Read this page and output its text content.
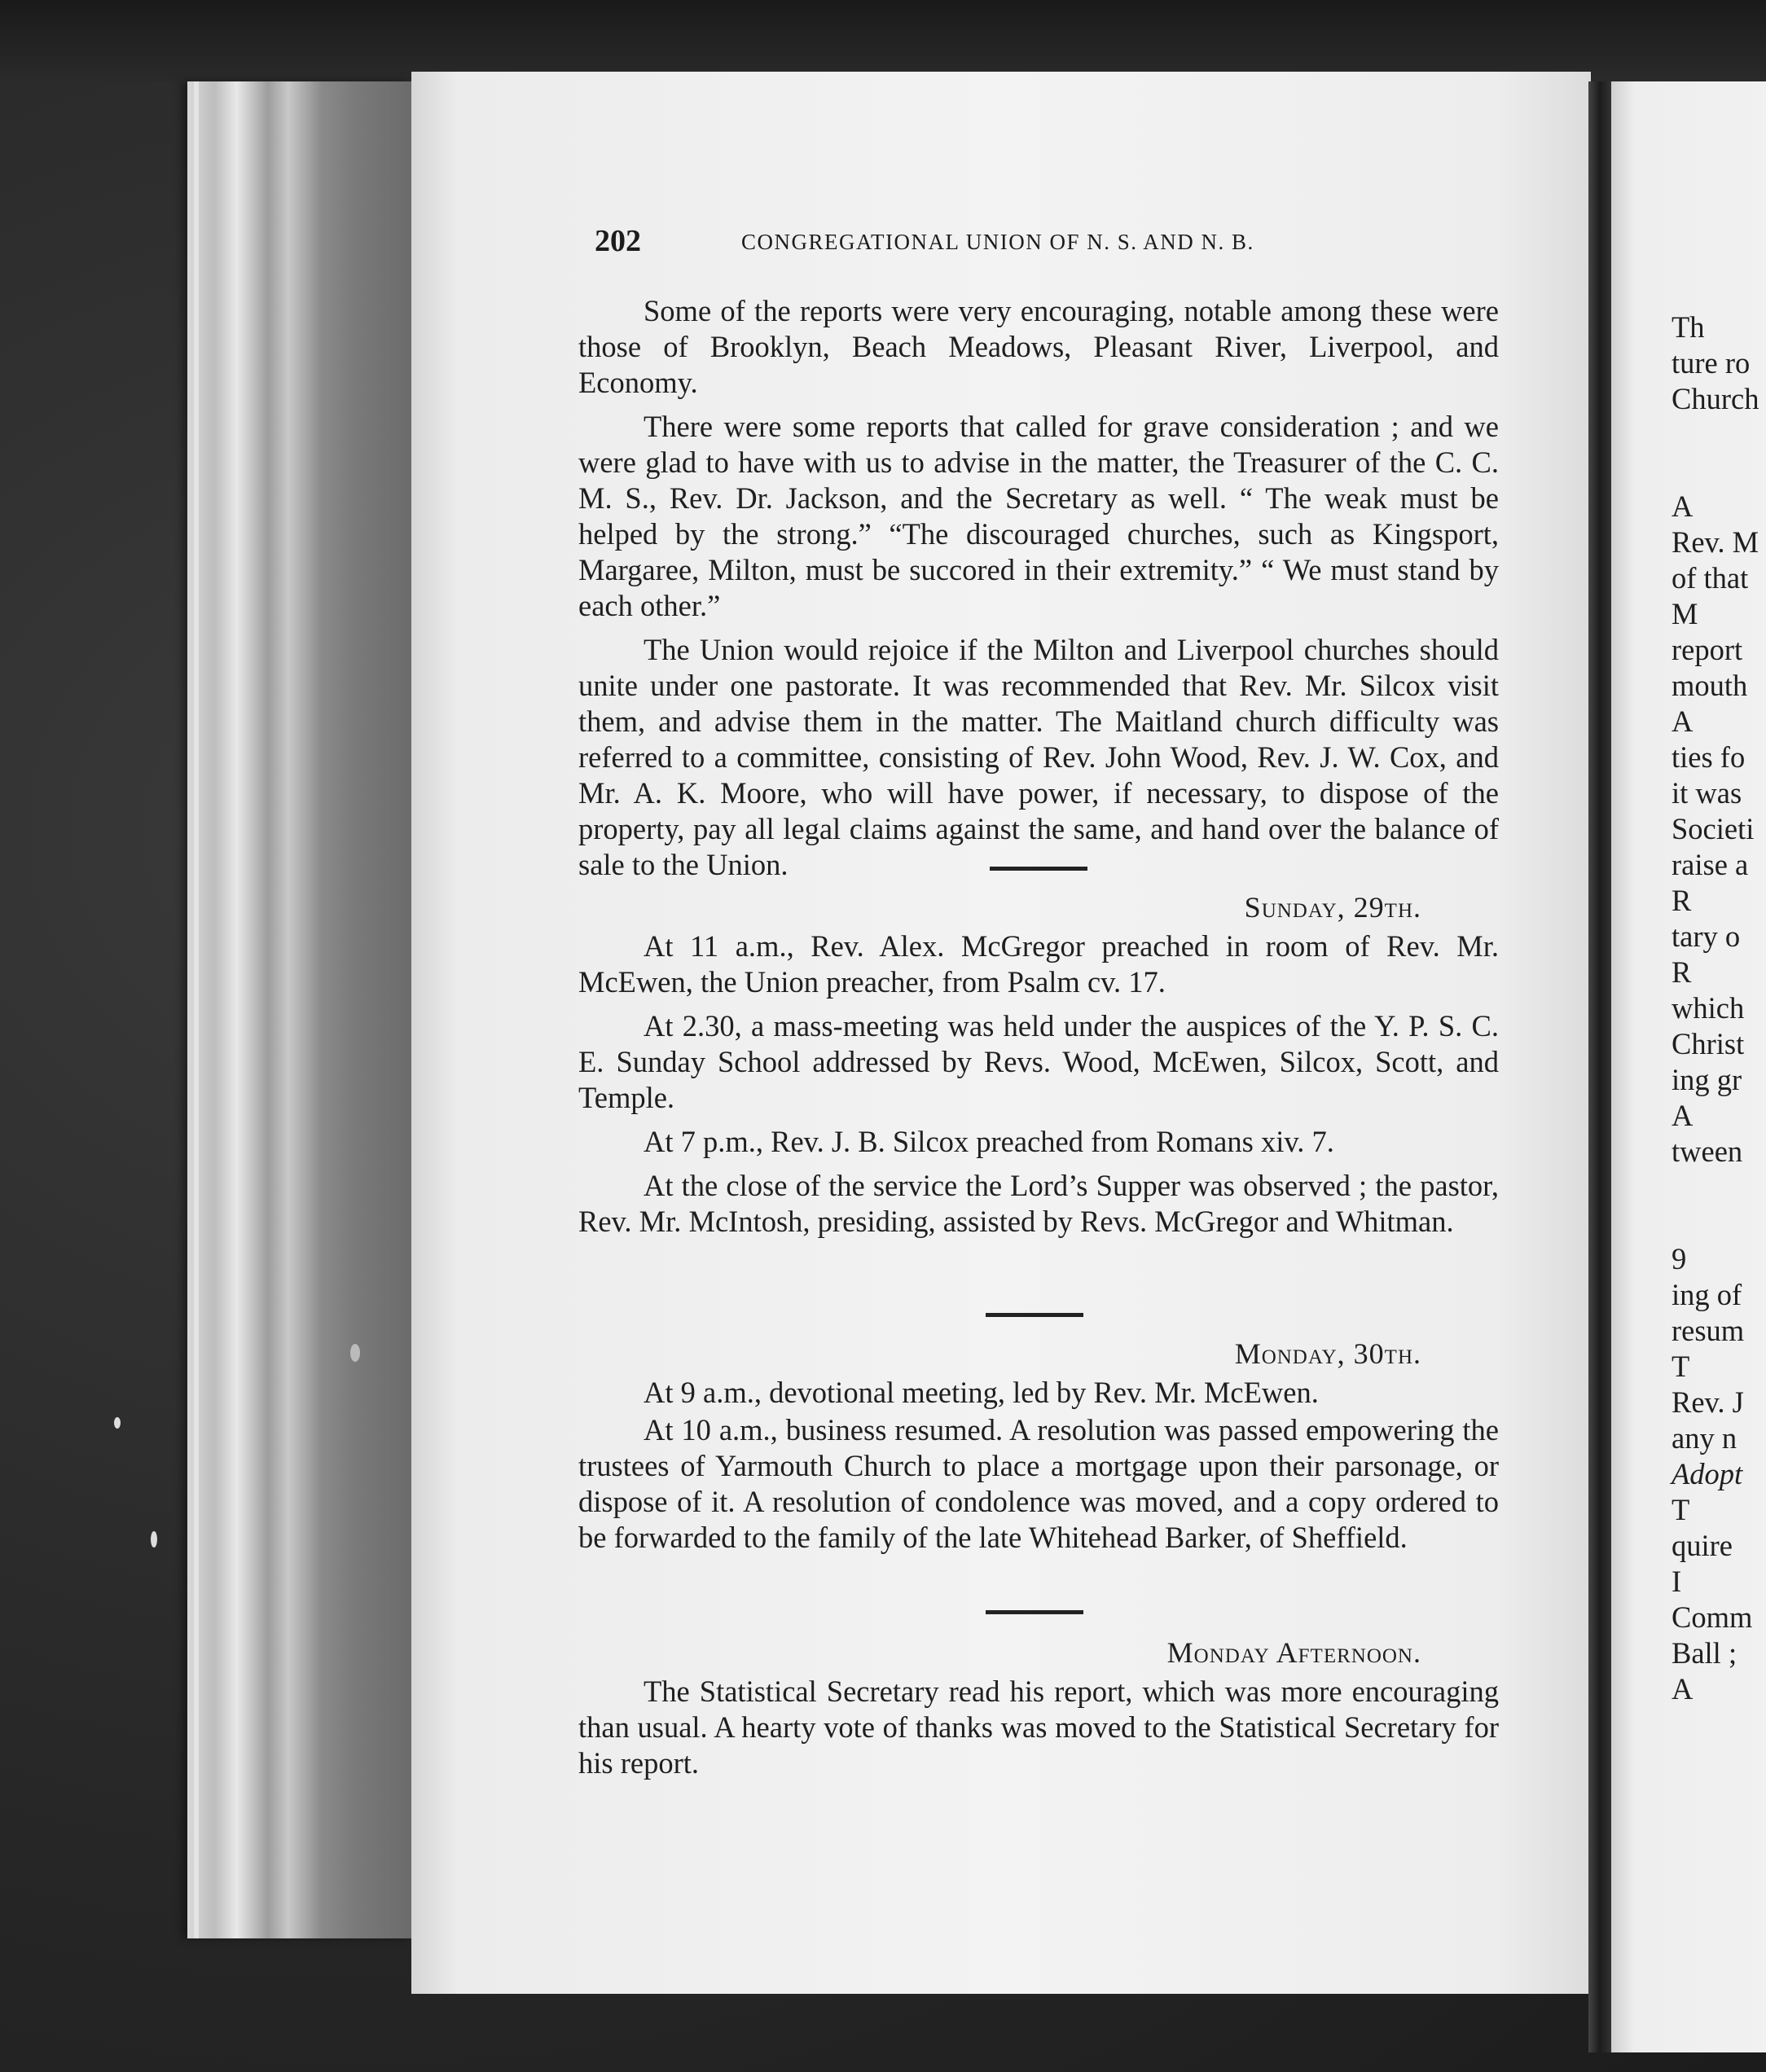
202	CONGREGATIONAL UNION OF N. S. AND N. B.

Some of the reports were very encouraging, notable among these were those of Brooklyn, Beach Meadows, Pleasant River, Liverpool, and Economy.

There were some reports that called for grave consideration ; and we were glad to have with us to advise in the matter, the Treasurer of the C. C. M. S., Rev. Dr. Jackson, and the Secretary as well. “ The weak must be helped by the strong.” “The discouraged churches, such as Kingsport, Margaree, Milton, must be succored in their extremity.” “ We must stand by each other.”

The Union would rejoice if the Milton and Liverpool churches should unite under one pastorate. It was recommended that Rev. Mr. Silcox visit them, and advise them in the matter. The Maitland church difficulty was referred to a committee, consisting of Rev. John Wood, Rev. J. W. Cox, and Mr. A. K. Moore, who will have power, if necessary, to dispose of the property, pay all legal claims against the same, and hand over the balance of sale to the Union.

Sunday, 29th.

At 11 a.m., Rev. Alex. McGregor preached in room of Rev. Mr. McEwen, the Union preacher, from Psalm cv. 17.

At 2.30, a mass-meeting was held under the auspices of the Y. P. S. C. E. Sunday School addressed by Revs. Wood, McEwen, Silcox, Scott, and Temple.

At 7 p.m., Rev. J. B. Silcox preached from Romans xiv. 7.

At the close of the service the Lord’s Supper was observed ; the pastor, Rev. Mr. McIntosh, presiding, assisted by Revs. McGregor and Whitman.

Monday, 30th.

At 9 a.m., devotional meeting, led by Rev. Mr. McEwen.

At 10 a.m., business resumed. A resolution was passed empowering the trustees of Yarmouth Church to place a mortgage upon their parsonage, or dispose of it. A resolution of condolence was moved, and a copy ordered to be forwarded to the family of the late Whitehead Barker, of Sheffield.

Monday Afternoon.

The Statistical Secretary read his report, which was more encouraging than usual. A hearty vote of thanks was moved to the Statistical Secretary for his report.

Th
ture ro
Church
A
Rev. M
of that
M
report
mouth
A
ties fo
it was
Societi
raise a
R
tary o
R
which
Christ
ing gr
A
tween
9
ing of
resum
T
Rev. J
any n
Adopt
T
quire
I
Comm
Ball ;
A
